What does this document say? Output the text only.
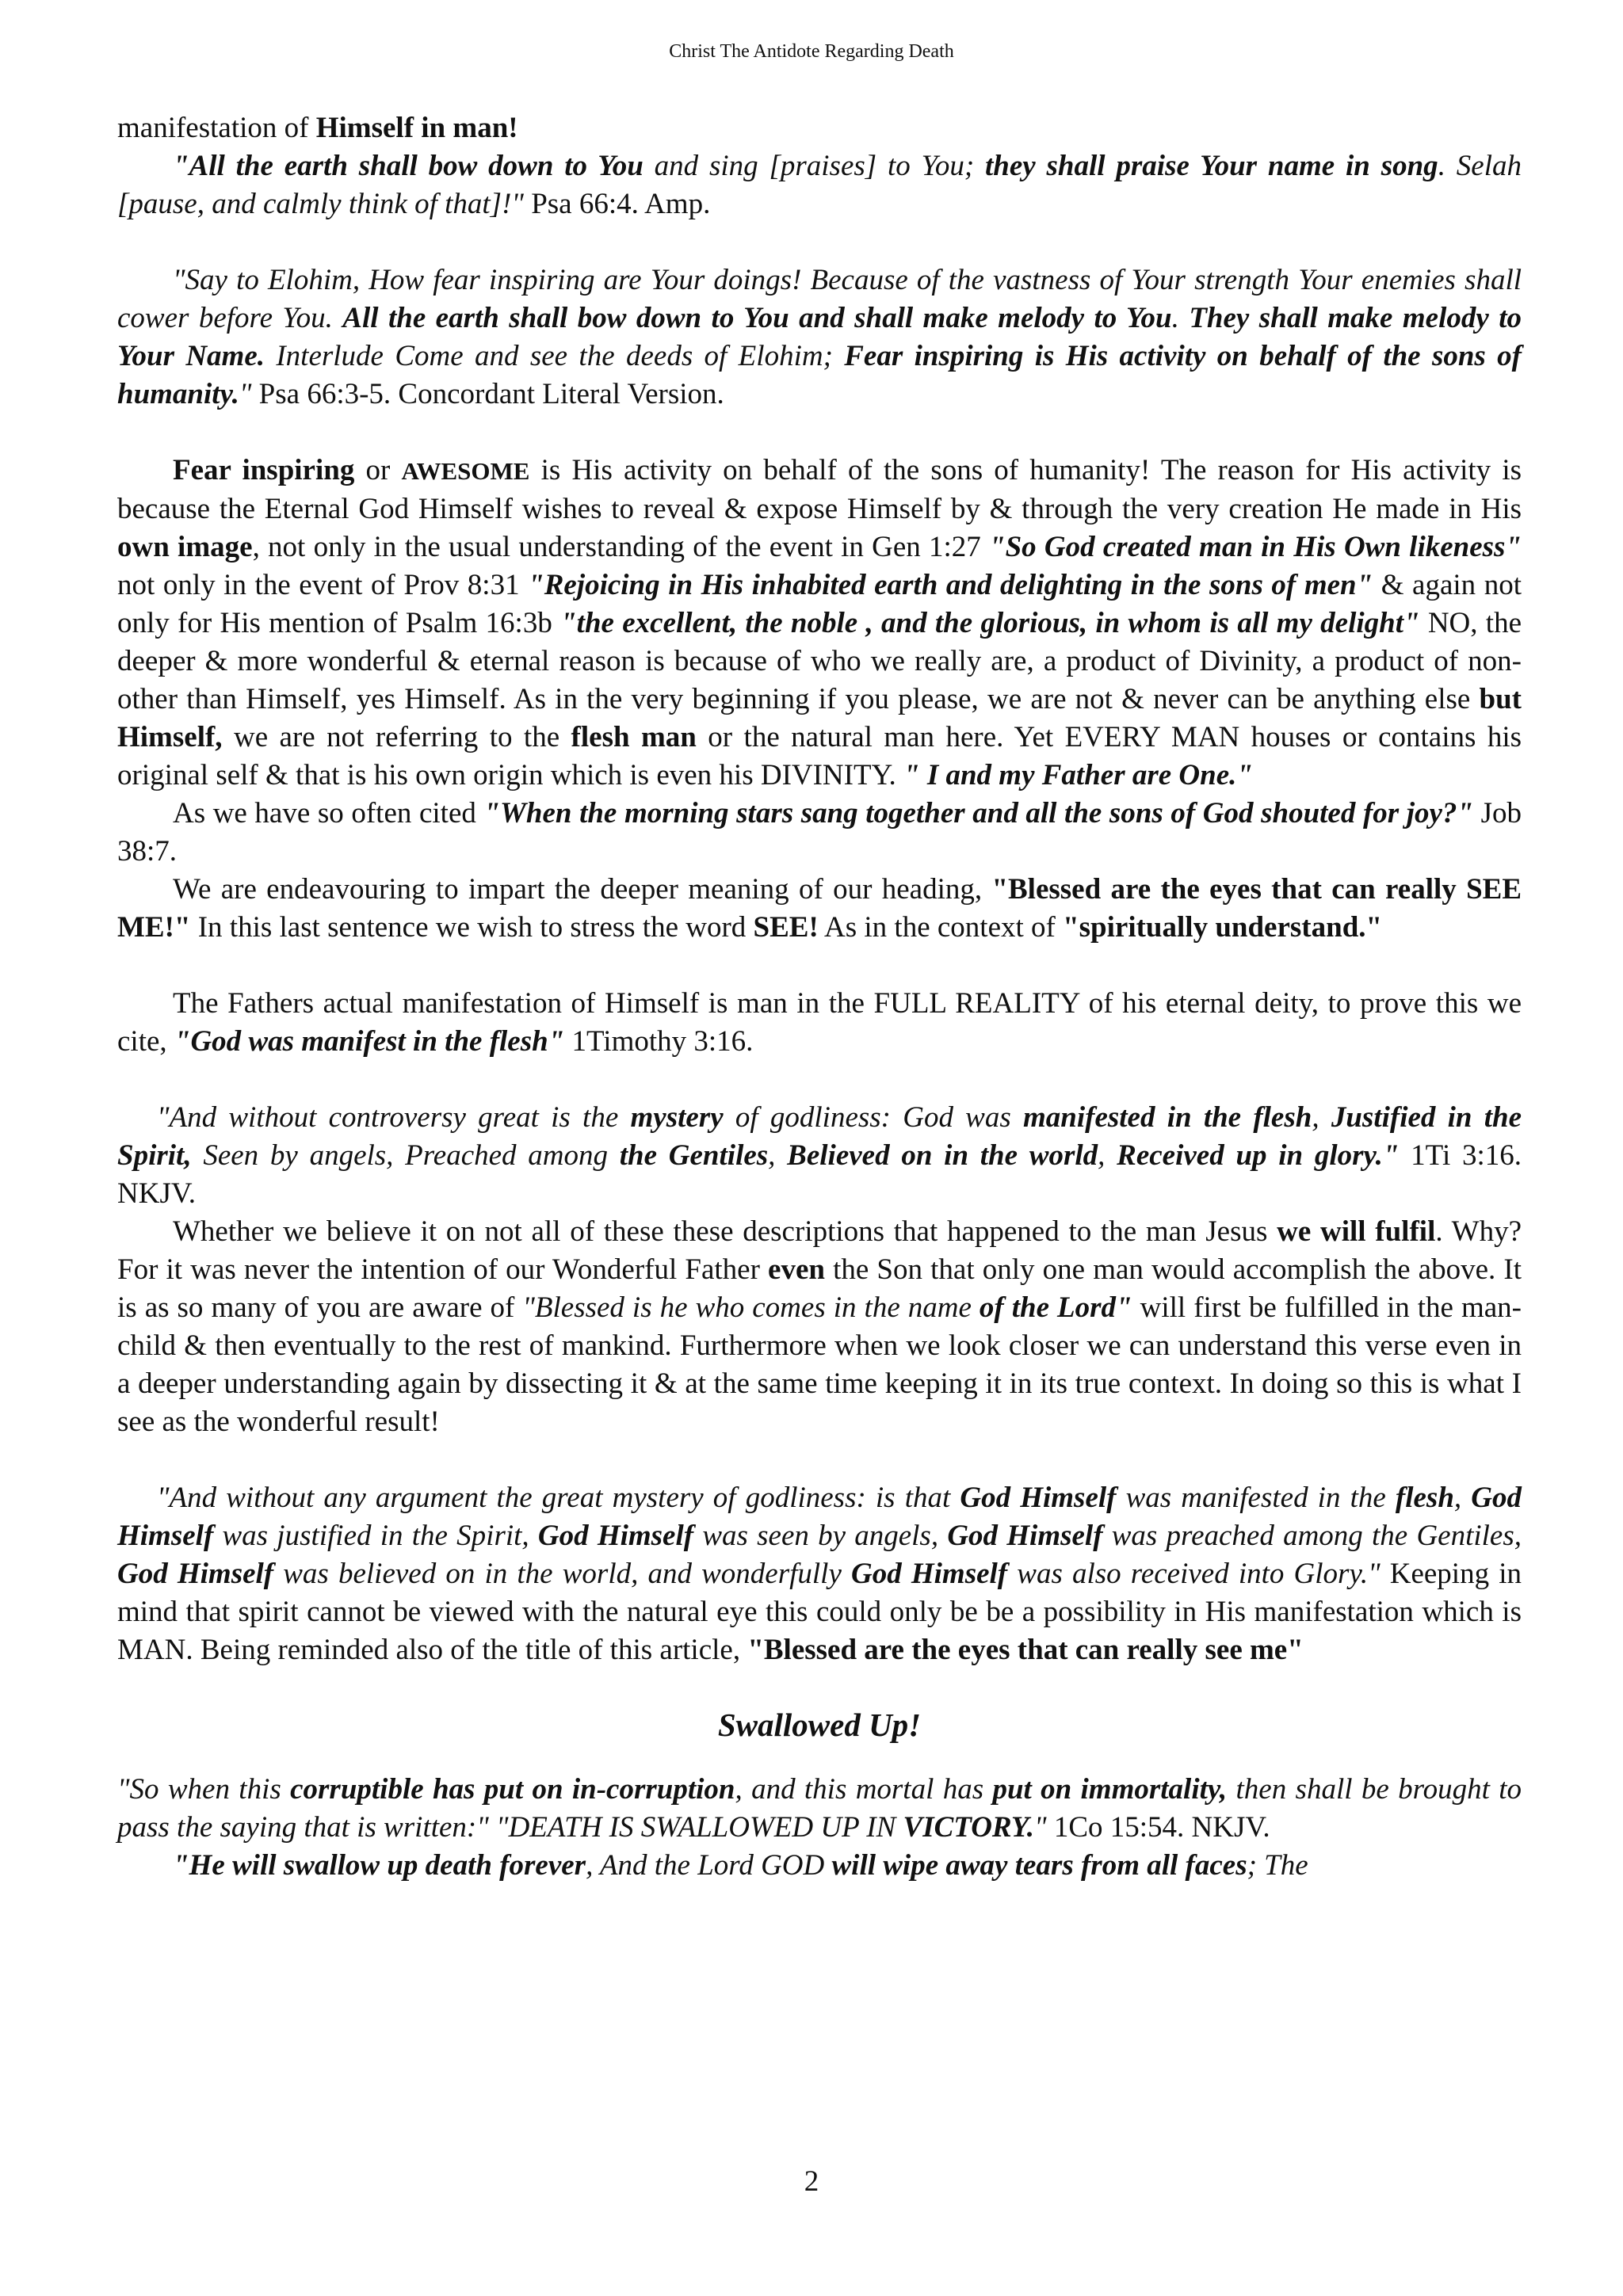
Christ The Antidote Regarding Death

manifestation of Himself in man!

"All the earth shall bow down to You and sing [praises] to You; they shall praise Your name in song. Selah [pause, and calmly think of that]!" Psa 66:4. Amp.

"Say to Elohim, How fear inspiring are Your doings! Because of the vastness of Your strength Your enemies shall cower before You. All the earth shall bow down to You and shall make melody to You. They shall make melody to Your Name. Interlude Come and see the deeds of Elohim; Fear inspiring is His activity on behalf of the sons of humanity." Psa 66:3-5. Concordant Literal Version.

Fear inspiring or AWESOME is His activity on behalf of the sons of humanity! The reason for His activity is because the Eternal God Himself wishes to reveal & expose Himself by & through the very creation He made in His own image, not only in the usual understanding of the event in Gen 1:27 "So God created man in His Own likeness" not only in the event of Prov 8:31 "Rejoicing in His inhabited earth and delighting in the sons of men" & again not only for His mention of Psalm 16:3b "the excellent, the noble , and the glorious, in whom is all my delight" NO, the deeper & more wonderful & eternal reason is because of who we really are, a product of Divinity, a product of non-other than Himself, yes Himself. As in the very beginning if you please, we are not & never can be anything else but Himself, we are not referring to the flesh man or the natural man here. Yet EVERY MAN houses or contains his original self & that is his own origin which is even his DIVINITY. " I and my Father are One."

As we have so often cited "When the morning stars sang together and all the sons of God shouted for joy?" Job 38:7.

We are endeavouring to impart the deeper meaning of our heading, "Blessed are the eyes that can really SEE ME!" In this last sentence we wish to stress the word SEE! As in the context of "spiritually understand."

The Fathers actual manifestation of Himself is man in the FULL REALITY of his eternal deity, to prove this we cite, "God was manifest in the flesh" 1Timothy 3:16.

"And without controversy great is the mystery of godliness: God was manifested in the flesh, Justified in the Spirit, Seen by angels, Preached among the Gentiles, Believed on in the world, Received up in glory." 1Ti 3:16. NKJV.

Whether we believe it on not all of these these descriptions that happened to the man Jesus we will fulfil. Why? For it was never the intention of our Wonderful Father even the Son that only one man would accomplish the above. It is as so many of you are aware of "Blessed is he who comes in the name of the Lord" will first be fulfilled in the man-child & then eventually to the rest of mankind. Furthermore when we look closer we can understand this verse even in a deeper understanding again by dissecting it & at the same time keeping it in its true context. In doing so this is what I see as the wonderful result!

"And without any argument the great mystery of godliness: is that God Himself was manifested in the flesh, God Himself was justified in the Spirit, God Himself was seen by angels, God Himself was preached among the Gentiles, God Himself was believed on in the world, and wonderfully God Himself was also received into Glory." Keeping in mind that spirit cannot be viewed with the natural eye this could only be be a possibility in His manifestation which is MAN. Being reminded also of the title of this article, "Blessed are the eyes that can really see me"

Swallowed Up!

"So when this corruptible has put on in-corruption, and this mortal has put on immortality, then shall be brought to pass the saying that is written:" "DEATH IS SWALLOWED UP IN VICTORY." 1Co 15:54. NKJV.

"He will swallow up death forever, And the Lord GOD will wipe away tears from all faces; The

2
